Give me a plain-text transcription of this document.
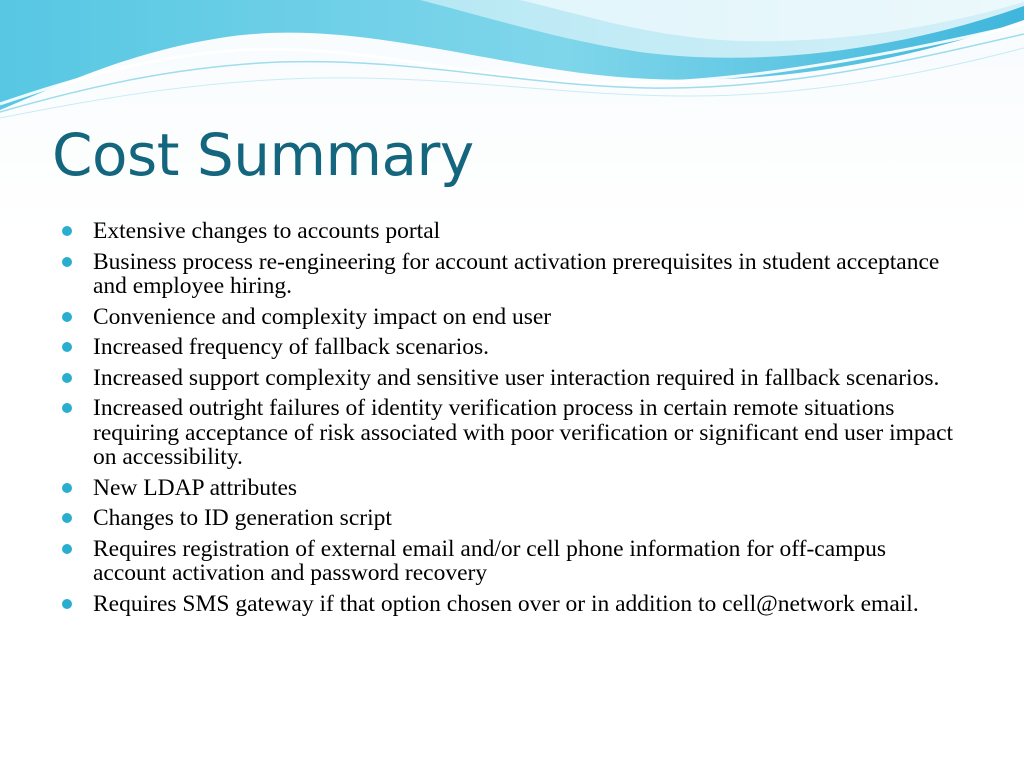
Cost Summary
Extensive changes to accounts portal
Business process re-engineering for account activation prerequisites in student acceptance and employee hiring.
Convenience and complexity impact on end user
Increased frequency of fallback scenarios.
Increased support complexity and sensitive user interaction required in fallback scenarios.
Increased outright failures of identity verification process in certain remote situations requiring acceptance of risk associated with poor verification or significant end user impact on accessibility.
New LDAP attributes
Changes to ID generation script
Requires registration of external email and/or cell phone information for off-campus account activation and password recovery
Requires SMS gateway if that option chosen over or in addition to cell@network email.
